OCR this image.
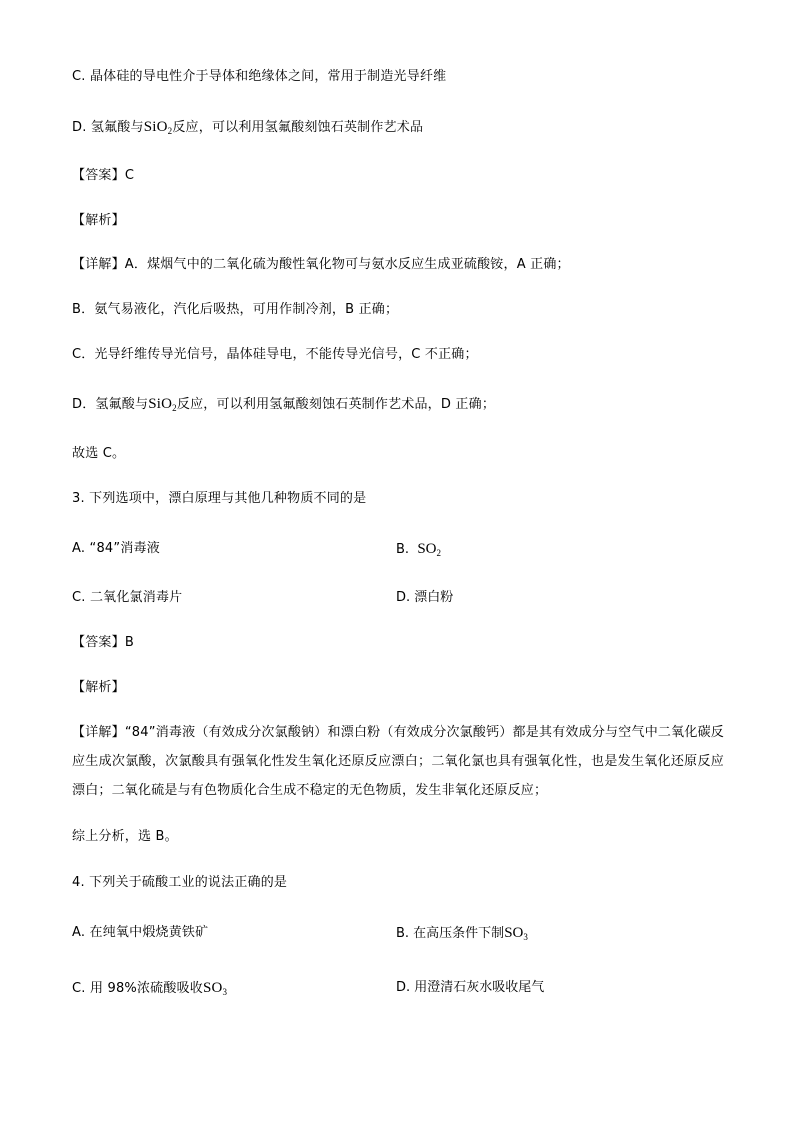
C. 晶体硅的导电性介于导体和绝缘体之间，常用于制造光导纤维
D. 氢氟酸与SiO$_2$反应，可以利用氢氟酸刻蚀石英制作艺术品
【答案】C
【解析】
【详解】A．煤烟气中的二氧化硫为酸性氧化物可与氨水反应生成亚硫酸铵，A 正确；
B．氨气易液化，汽化后吸热，可用作制冷剂，B 正确；
C．光导纤维传导光信号，晶体硅导电，不能传导光信号，C 不正确；
D．氢氟酸与SiO$_2$反应，可以利用氢氟酸刻蚀石英制作艺术品，D 正确；
故选 C。
3. 下列选项中，漂白原理与其他几种物质不同的是
A. “84”消毒液	B. $SO_2$
C. 二氧化氯消毒片	D. 漂白粉
【答案】B
【解析】
【详解】“84”消毒液（有效成分次氯酸钠）和漂白粉（有效成分次氯酸钙）都是其有效成分与空气中二氧化碳反应生成次氯酸，次氯酸具有强氧化性发生氧化还原反应漂白；二氧化氯也具有强氧化性，也是发生氧化还原反应漂白；二氧化硫是与有色物质化合生成不稳定的无色物质，发生非氧化还原反应；
综上分析，选 B。
4. 下列关于硫酸工业的说法正确的是
A. 在纯氧中煅烧黄铁矿	B. 在高压条件下制$SO_3$
C. 用 98%浓硫酸吸收$SO_3$	D. 用澄清石灰水吸收尾气
